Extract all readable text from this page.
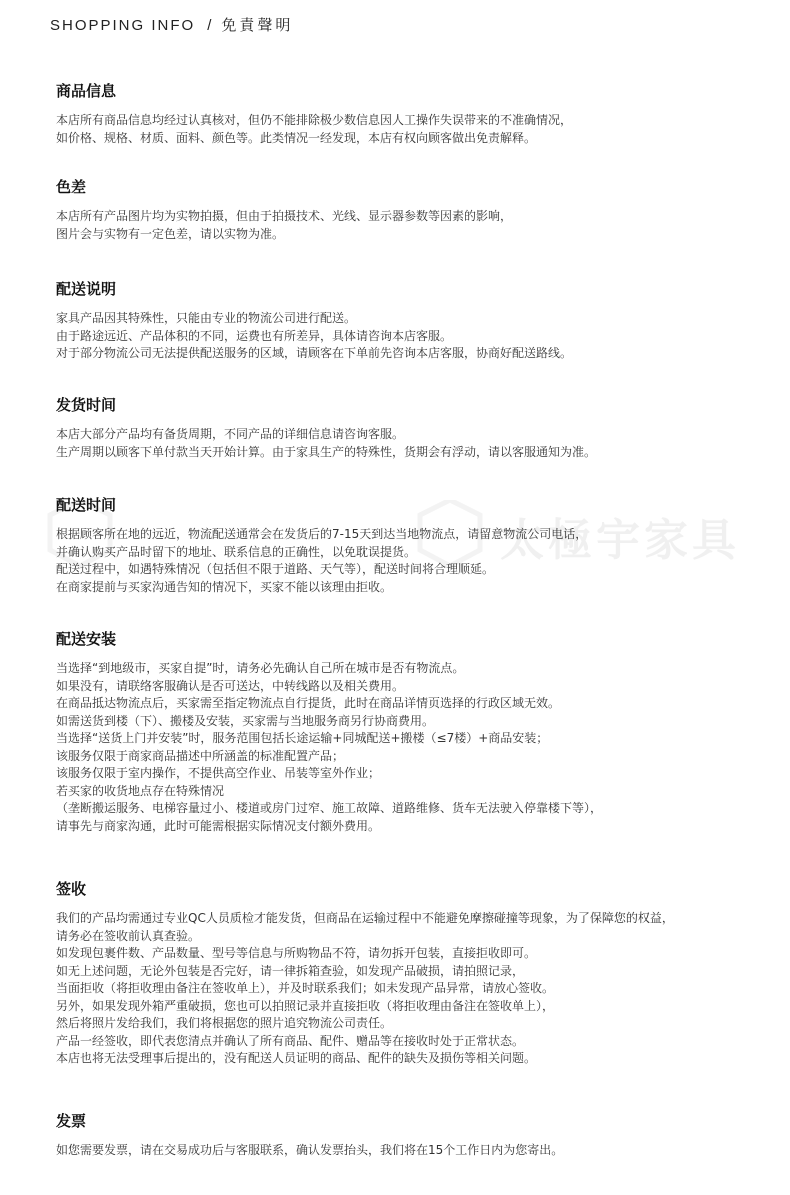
SHOPPING INFO / 免責聲明
太極宇家具
商品信息

本店所有商品信息均经过认真核对，但仍不能排除极少数信息因人工操作失误带来的不准确情况，

如价格、规格、材质、面料、颜色等。此类情况一经发现，本店有权向顾客做出免责解释。

色差

本店所有产品图片均为实物拍摄，但由于拍摄技术、光线、显示器参数等因素的影响，

图片会与实物有一定色差，请以实物为准。

配送说明

家具产品因其特殊性，只能由专业的物流公司进行配送。

由于路途远近、产品体积的不同，运费也有所差异，具体请咨询本店客服。

对于部分物流公司无法提供配送服务的区域，请顾客在下单前先咨询本店客服，协商好配送路线。

发货时间

本店大部分产品均有备货周期，不同产品的详细信息请咨询客服。

生产周期以顾客下单付款当天开始计算。由于家具生产的特殊性，货期会有浮动，请以客服通知为准。

配送时间

根据顾客所在地的远近，物流配送通常会在发货后的7-15天到达当地物流点，请留意物流公司电话，

并确认购买产品时留下的地址、联系信息的正确性，以免耽误提货。

配送过程中，如遇特殊情况（包括但不限于道路、天气等），配送时间将合理顺延。

在商家提前与买家沟通告知的情况下，买家不能以该理由拒收。

配送安装

当选择“到地级市，买家自提”时，请务必先确认自己所在城市是否有物流点。

如果没有，请联络客服确认是否可送达，中转线路以及相关费用。

在商品抵达物流点后，买家需至指定物流点自行提货，此时在商品详情页选择的行政区域无效。

如需送货到楼（下）、搬楼及安装，买家需与当地服务商另行协商费用。

当选择“送货上门并安装”时，服务范围包括长途运输+同城配送+搬楼（≤7楼）+商品安装；

该服务仅限于商家商品描述中所涵盖的标准配置产品；

该服务仅限于室内操作，不提供高空作业、吊装等室外作业；

若买家的收货地点存在特殊情况

（垄断搬运服务、电梯容量过小、楼道或房门过窄、施工故障、道路维修、货车无法驶入停靠楼下等），

请事先与商家沟通，此时可能需根据实际情况支付额外费用。

签收

我们的产品均需通过专业QC人员质检才能发货，但商品在运输过程中不能避免摩擦碰撞等现象，为了保障您的权益，

请务必在签收前认真查验。

如发现包裹件数、产品数量、型号等信息与所购物品不符，请勿拆开包装，直接拒收即可。

如无上述问题，无论外包装是否完好，请一律拆箱查验，如发现产品破损，请拍照记录，

当面拒收（将拒收理由备注在签收单上），并及时联系我们；如未发现产品异常，请放心签收。

另外，如果发现外箱严重破损，您也可以拍照记录并直接拒收（将拒收理由备注在签收单上），

然后将照片发给我们，我们将根据您的照片追究物流公司责任。

产品一经签收，即代表您清点并确认了所有商品、配件、赠品等在接收时处于正常状态。

本店也将无法受理事后提出的，没有配送人员证明的商品、配件的缺失及损伤等相关问题。

发票

如您需要发票，请在交易成功后与客服联系，确认发票抬头，我们将在15个工作日内为您寄出。
